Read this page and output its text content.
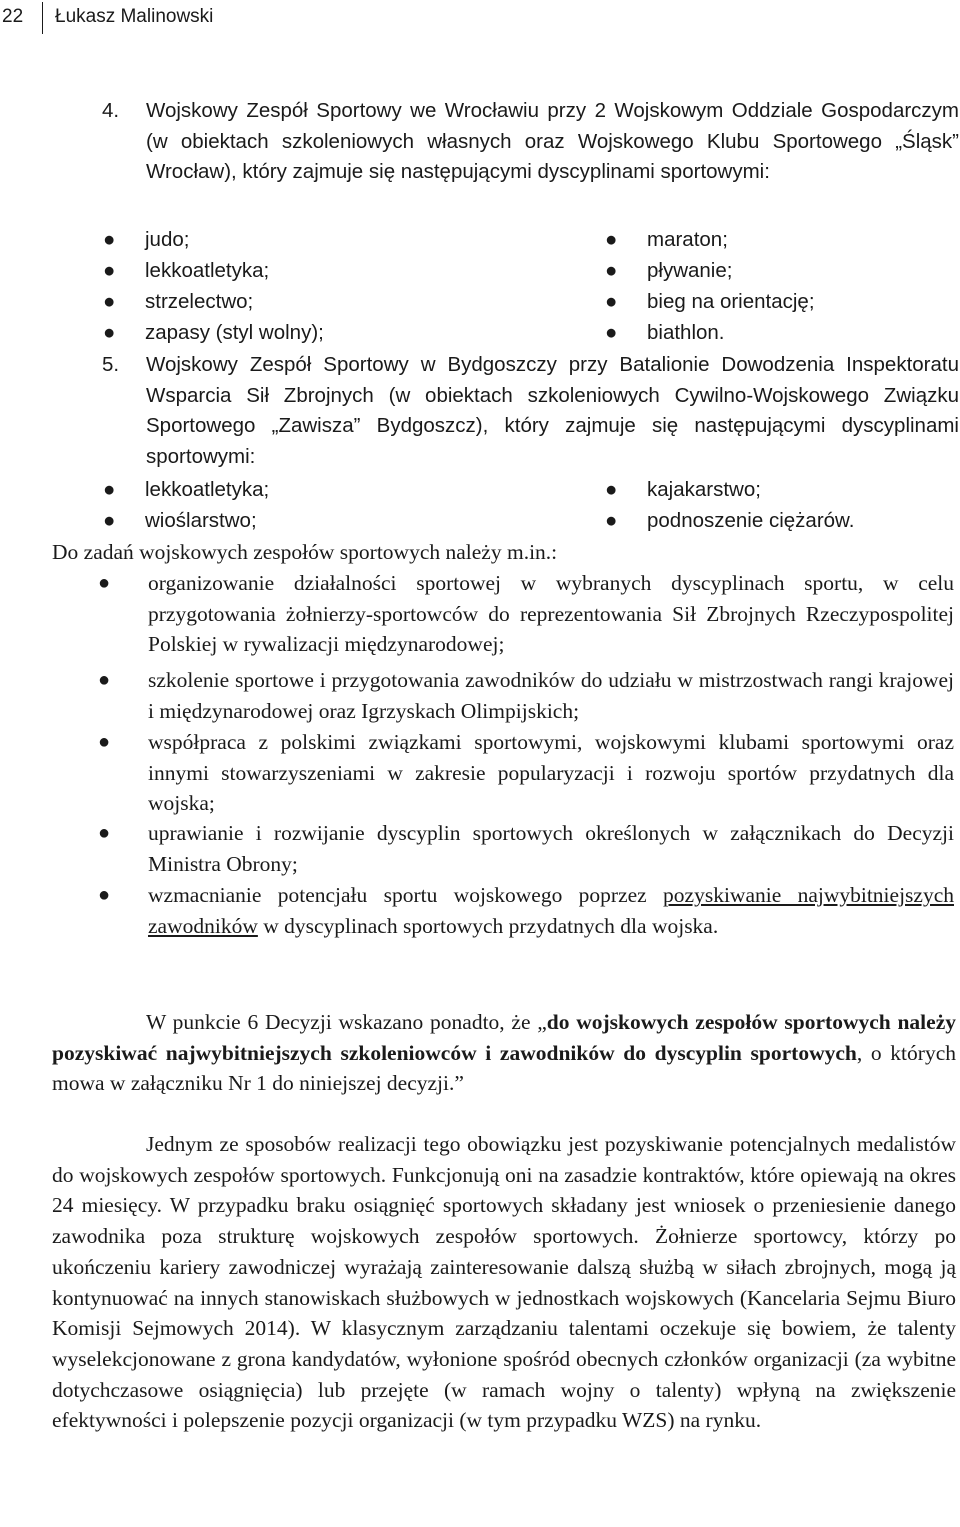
22 Łukasz Malinowski
4. Wojskowy Zespół Sportowy we Wrocławiu przy 2 Wojskowym Oddziale Gospodarczym (w obiektach szkoleniowych własnych oraz Wojskowego Klubu Sportowego „Śląsk” Wrocław), który zajmuje się następującymi dyscyplinami sportowymi:
● judo;
● lekkoatletyka;
● strzelectwo;
● zapasy (styl wolny);
● maraton;
● pływanie;
● bieg na orientację;
● biathlon.
5. Wojskowy Zespół Sportowy w Bydgoszczy przy Batalionie Dowodzenia Inspektoratu Wsparcia Sił Zbrojnych (w obiektach szkoleniowych Cywilno-Wojskowego Związku Sportowego „Zawisza” Bydgoszcz), który zajmuje się następującymi dyscyplinami sportowymi:
● lekkoatletyka;
● wioślarstwo;
● kajakarstwo;
● podnoszenie ciężarów.
Do zadań wojskowych zespołów sportowych należy m.in.:
● organizowanie działalności sportowej w wybranych dyscyplinach sportu, w celu przygotowania żołnierzy-sportowców do reprezentowania Sił Zbrojnych Rzeczypospolitej Polskiej w rywalizacji międzynarodowej;
● szkolenie sportowe i przygotowania zawodników do udziału w mistrzostwach rangi krajowej i międzynarodowej oraz Igrzyskach Olimpijskich;
● współpraca z polskimi związkami sportowymi, wojskowymi klubami sportowymi oraz innymi stowarzyszeniami w zakresie popularyzacji i rozwoju sportów przydatnych dla wojska;
● uprawianie i rozwijanie dyscyplin sportowych określonych w załącznikach do Decyzji Ministra Obrony;
● wzmacnianie potencjału sportu wojskowego poprzez pozyskiwanie najwybitniejszych zawodników w dyscyplinach sportowych przydatnych dla wojska.
W punkcie 6 Decyzji wskazano ponadto, że „do wojskowych zespołów sportowych należy pozyskiwać najwybitniejszych szkoleniowców i zawodników do dyscyplin sportowych, o których mowa w załączniku Nr 1 do niniejszej decyzji.”
Jednym ze sposobów realizacji tego obowiązku jest pozyskiwanie potencjalnych medalistów do wojskowych zespołów sportowych. Funkcjonują oni na zasadzie kontraktów, które opiewają na okres 24 miesięcy. W przypadku braku osiągnięć sportowych składany jest wniosek o przeniesienie danego zawodnika poza strukturę wojskowych zespołów sportowych. Żołnierze sportowcy, którzy po ukończeniu kariery zawodniczej wyrażają zainteresowanie dalszą służbą w siłach zbrojnych, mogą ją kontynuować na innych stanowiskach służbowych w jednostkach wojskowych (Kancelaria Sejmu Biuro Komisji Sejmowych 2014). W klasycznym zarządzaniu talentami oczekuje się bowiem, że talenty wyselekcjonowane z grona kandydatów, wyłonione spośród obecnych członków organizacji (za wybitne dotychczasowe osiągnięcia) lub przejęte (w ramach wojny o talenty) wpłyną na zwiększenie efektywności i polepszenie pozycji organizacji (w tym przypadku WZS) na rynku.
